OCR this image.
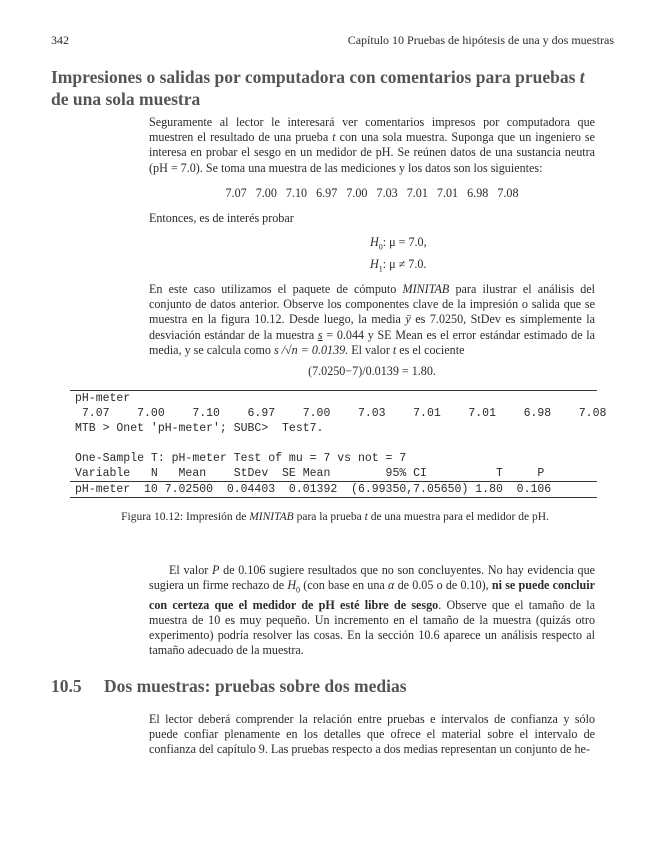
342	Capítulo 10 Pruebas de hipótesis de una y dos muestras
Impresiones o salidas por computadora con comentarios para pruebas t
de una sola muestra
Seguramente al lector le interesará ver comentarios impresos por computadora que muestren el resultado de una prueba t con una sola muestra. Suponga que un ingeniero se interesa en probar el sesgo en un medidor de pH. Se reúnen datos de una sustancia neutra (pH = 7.0). Se toma una muestra de las mediciones y los datos son los siguientes:
7.07 7.00 7.10 6.97 7.00 7.03 7.01 7.01 6.98 7.08
Entonces, es de interés probar
$H_0$: μ = 7.0,
$H_1$: μ ≠ 7.0.
En este caso utilizamos el paquete de cómputo MINITAB para ilustrar el análisis del conjunto de datos anterior. Observe los componentes clave de la impresión o salida que se muestra en la figura 10.12. Desde luego, la media ȳ es 7.0250, StDev es simplemente la desviación estándar de la muestra s = 0.044 y SE Mean es el error estándar estimado de la media, y se calcula como s /√n = 0.0139. El valor t es el cociente
(7.0250−7)/0.0139 = 1.80.
pH-meter
7.07    7.00    7.10    6.97    7.00    7.03    7.01    7.01    6.98    7.08
MTB > Onet 'pH-meter'; SUBC>  Test7.
One-Sample T: pH-meter Test of mu = 7 vs not = 7
Variable   N   Mean    StDev  SE Mean        95% CI          T     P
pH-meter  10 7.02500  0.04403  0.01392  (6.99350,7.05650) 1.80  0.106
Figura 10.12: Impresión de MINITAB para la prueba t de una muestra para el medidor de pH.
El valor P de 0.106 sugiere resultados que no son concluyentes. No hay evidencia que sugiera un firme rechazo de $H_0$ (con base en una α de 0.05 o de 0.10), ni se puede concluir con certeza que el medidor de pH esté libre de sesgo. Observe que el tamaño de la muestra de 10 es muy pequeño. Un incremento en el tamaño de la muestra (quizás otro experimento) podría resolver las cosas. En la sección 10.6 aparece un análisis respecto al tamaño adecuado de la muestra.
10.5 Dos muestras: pruebas sobre dos medias
El lector deberá comprender la relación entre pruebas e intervalos de confianza y sólo puede confiar plenamente en los detalles que ofrece el material sobre el intervalo de confianza del capítulo 9. Las pruebas respecto a dos medias representan un conjunto de he-
